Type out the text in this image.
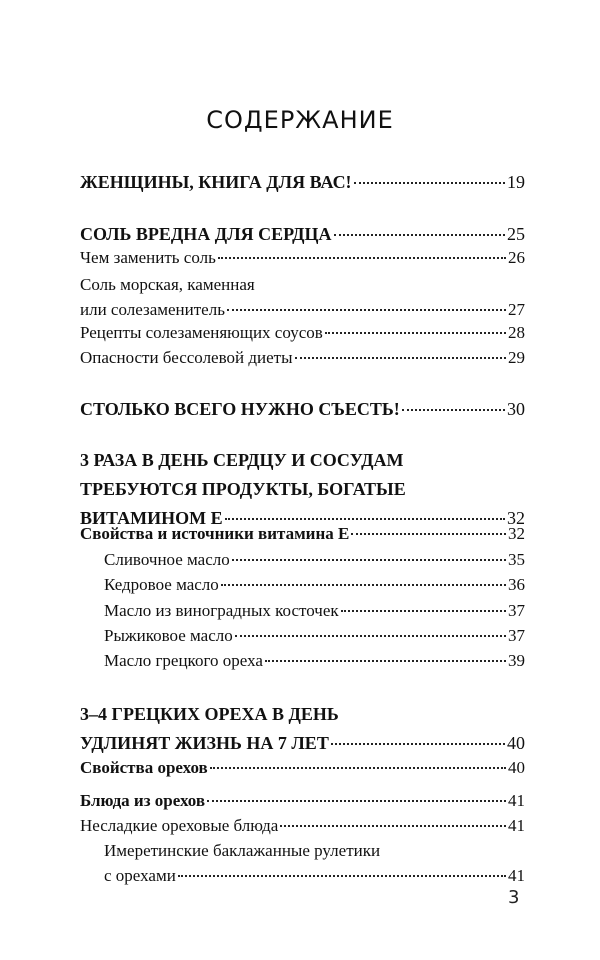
СОДЕРЖАНИЕ
ЖЕНЩИНЫ, КНИГА ДЛЯ ВАС!	19
СОЛЬ ВРЕДНА ДЛЯ СЕРДЦА	25
Чем заменить соль	26
Соль морская, каменная
или солезаменитель	27
Рецепты солезаменяющих соусов	28
Опасности бессолевой диеты	29
СТОЛЬКО ВСЕГО НУЖНО СЪЕСТЬ!	30
3 РАЗА В ДЕНЬ СЕРДЦУ И СОСУДАМ
ТРЕБУЮТСЯ ПРОДУКТЫ, БОГАТЫЕ
ВИТАМИНОМ Е	32
Свойства и источники витамина Е	32
Сливочное масло	35
Кедровое масло	36
Масло из виноградных косточек	37
Рыжиковое масло	37
Масло грецкого ореха	39
3–4 ГРЕЦКИХ ОРЕХА В ДЕНЬ
УДЛИНЯТ ЖИЗНЬ НА 7 ЛЕТ	40
Свойства орехов	40
Блюда из орехов	41
Несладкие ореховые блюда	41
Имеретинские баклажанные рулетики
с орехами	41
3
